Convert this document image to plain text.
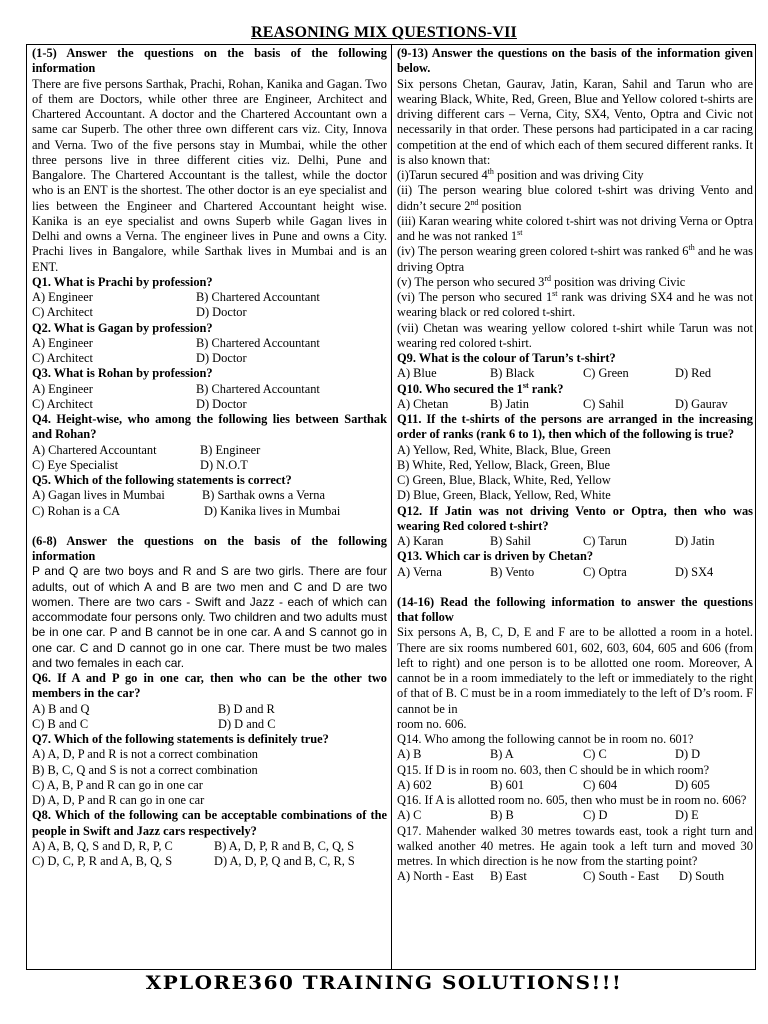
REASONING MIX QUESTIONS-VII
(1-5) Answer the questions on the basis of the following information
There are five persons Sarthak, Prachi, Rohan, Kanika and Gagan. Two of them are Doctors, while other three are Engineer, Architect and Chartered Accountant. A doctor and the Chartered Accountant own a same car Superb. The other three own different cars viz. City, Innova and Verna. Two of the five persons stay in Mumbai, while the other three persons live in three different cities viz. Delhi, Pune and Bangalore. The Chartered Accountant is the tallest, while the doctor who is an ENT is the shortest. The other doctor is an eye specialist and lies between the Engineer and Chartered Accountant height wise. Kanika is an eye specialist and owns Superb while Gagan lives in Delhi and owns a Verna. The engineer lives in Pune and owns a City. Prachi lives in Bangalore, while Sarthak lives in Mumbai and is an ENT.
Q1. What is Prachi by profession?
A) Engineer	B) Chartered Accountant
C) Architect	D) Doctor
Q2. What is Gagan by profession?
A) Engineer	B) Chartered Accountant
C) Architect	D) Doctor
Q3. What is Rohan by profession?
A) Engineer	B) Chartered Accountant
C) Architect	D) Doctor
Q4. Height-wise, who among the following lies between Sarthak and Rohan?
A) Chartered Accountant	B) Engineer
C) Eye Specialist	D) N.O.T
Q5. Which of the following statements is correct?
A) Gagan lives in Mumbai	B) Sarthak owns a Verna
C) Rohan is a CA	D) Kanika lives in Mumbai
(6-8) Answer the questions on the basis of the following information
P and Q are two boys and R and S are two girls. There are four adults, out of which A and B are two men and C and D are two women. There are two cars - Swift and Jazz - each of which can accommodate four persons only. Two children and two adults must be in one car. P and B cannot be in one car. A and S cannot go in one car. C and D cannot go in one car. There must be two males and two females in each car.
Q6. If A and P go in one car, then who can be the other two members in the car?
A) B and Q	B) D and R
C) B and C	D) D and C
Q7. Which of the following statements is definitely true?
A) A, D, P and R is not a correct combination
B) B, C, Q and S is not a correct combination
C) A, B, P and R can go in one car
D) A, D, P and R can go in one car
Q8. Which of the following can be acceptable combinations of the people in Swift and Jazz cars respectively?
A) A, B, Q, S and D, R, P, C	B) A, D, P, R and B, C, Q, S
C) D, C, P, R and A, B, Q, S	D) A, D, P, Q and B, C, R, S
(9-13) Answer the questions on the basis of the information given below.
Six persons Chetan, Gaurav, Jatin, Karan, Sahil and Tarun who are wearing Black, White, Red, Green, Blue and Yellow colored t-shirts are driving different cars – Verna, City, SX4, Vento, Optra and Civic not necessarily in that order. These persons had participated in a car racing competition at the end of which each of them secured different ranks. It is also known that:
(i)Tarun secured 4th position and was driving City
(ii) The person wearing blue colored t-shirt was driving Vento and didn’t secure 2nd position
(iii) Karan wearing white colored t-shirt was not driving Verna or Optra and he was not ranked 1st
(iv) The person wearing green colored t-shirt was ranked 6th and he was driving Optra
(v) The person who secured 3rd position was driving Civic
(vi) The person who secured 1st rank was driving SX4 and he was not wearing black or red colored t-shirt.
(vii) Chetan was wearing yellow colored t-shirt while Tarun was not wearing red colored t-shirt.
Q9. What is the colour of Tarun’s t-shirt?
A) Blue	B) Black	C) Green	D) Red
Q10. Who secured the 1st rank?
A) Chetan	B) Jatin	C) Sahil	D) Gaurav
Q11. If the t-shirts of the persons are arranged in the increasing order of ranks (rank 6 to 1), then which of the following is true?
A) Yellow, Red, White, Black, Blue, Green
B) White, Red, Yellow, Black, Green, Blue
C) Green, Blue, Black, White, Red, Yellow
D) Blue, Green, Black, Yellow, Red, White
Q12. If Jatin was not driving Vento or Optra, then who was wearing Red colored t-shirt?
A) Karan	B) Sahil	C) Tarun	D) Jatin
Q13. Which car is driven by Chetan?
A) Verna	B) Vento	C) Optra	D) SX4
(14-16) Read the following information to answer the questions that follow
Six persons A, B, C, D, E and F are to be allotted a room in a hotel. There are six rooms numbered 601, 602, 603, 604, 605 and 606 (from left to right) and one person is to be allotted one room. Moreover, A cannot be in a room immediately to the left or immediately to the right of that of B. C must be in a room immediately to the left of D’s room. F cannot be in
room no. 606.
Q14. Who among the following cannot be in room no. 601?
A) B	B) A	C) C	D) D
Q15. If D is in room no. 603, then C should be in which room?
A) 602	B) 601	C) 604	D) 605
Q16. If A is allotted room no. 605, then who must be in room no. 606?
A) C	B) B	C) D	D) E
Q17. Mahender walked 30 metres towards east, took a right turn and walked another 40 metres. He again took a left turn and moved 30 metres. In which direction is he now from the starting point?
A) North - East	B) East	C) South - East	D) South
XPLORE360 TRAINING SOLUTIONS!!!
